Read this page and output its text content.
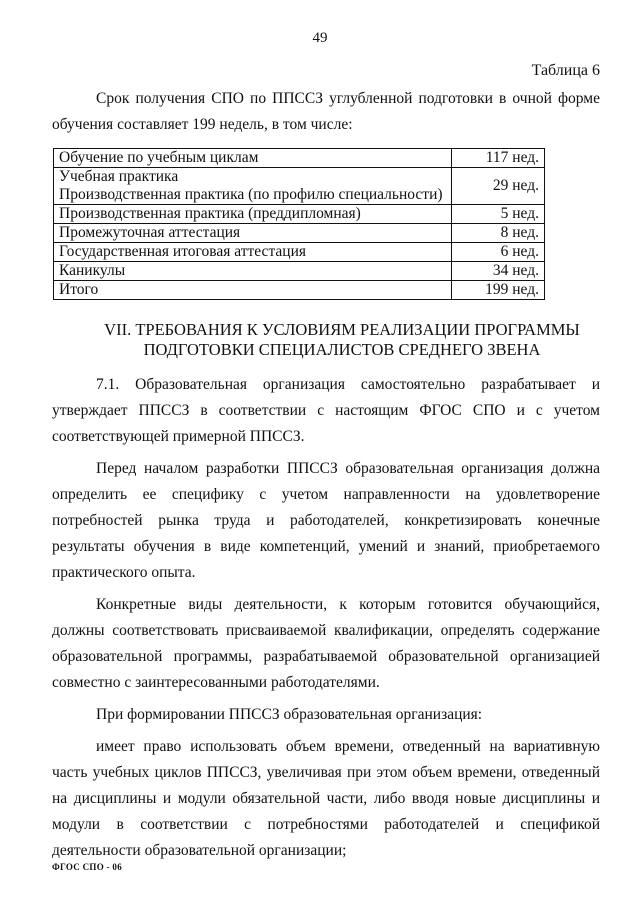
49
Таблица 6

Срок получения СПО по ППССЗ углубленной подготовки в очной форме обучения составляет 199 недель, в том числе:

Обучение по учебным циклам	117 нед.

Учебная практика
Производственная практика (по профилю специальности)	29 нед.
Производственная практика (преддипломная)	5 нед.
Промежуточная аттестация	8 нед.
Государственная итоговая аттестация	6 нед.
Каникулы	34 нед.
Итого	199 нед.
VII. ТРЕБОВАНИЯ К УСЛОВИЯМ РЕАЛИЗАЦИИ ПРОГРАММЫ
ПОДГОТОВКИ СПЕЦИАЛИСТОВ СРЕДНЕГО ЗВЕНА

7.1. Образовательная организация самостоятельно разрабатывает и утверждает ППССЗ в соответствии с настоящим ФГОС СПО и с учетом соответствующей примерной ППССЗ.

Перед началом разработки ППССЗ образовательная организация должна определить ее специфику с учетом направленности на удовлетворение потребностей рынка труда и работодателей, конкретизировать конечные результаты обучения в виде компетенций, умений и знаний, приобретаемого практического опыта.

Конкретные виды деятельности, к которым готовится обучающийся, должны соответствовать присваиваемой квалификации, определять содержание образовательной программы, разрабатываемой образовательной организацией совместно с заинтересованными работодателями.

При формировании ППССЗ образовательная организация:

имеет право использовать объем времени, отведенный на вариативную часть учебных циклов ППССЗ, увеличивая при этом объем времени, отведенный на дисциплины и модули обязательной части, либо вводя новые дисциплины и модули в соответствии с потребностями работодателей и спецификой деятельности образовательной организации;

ФГОС СПО - 06
